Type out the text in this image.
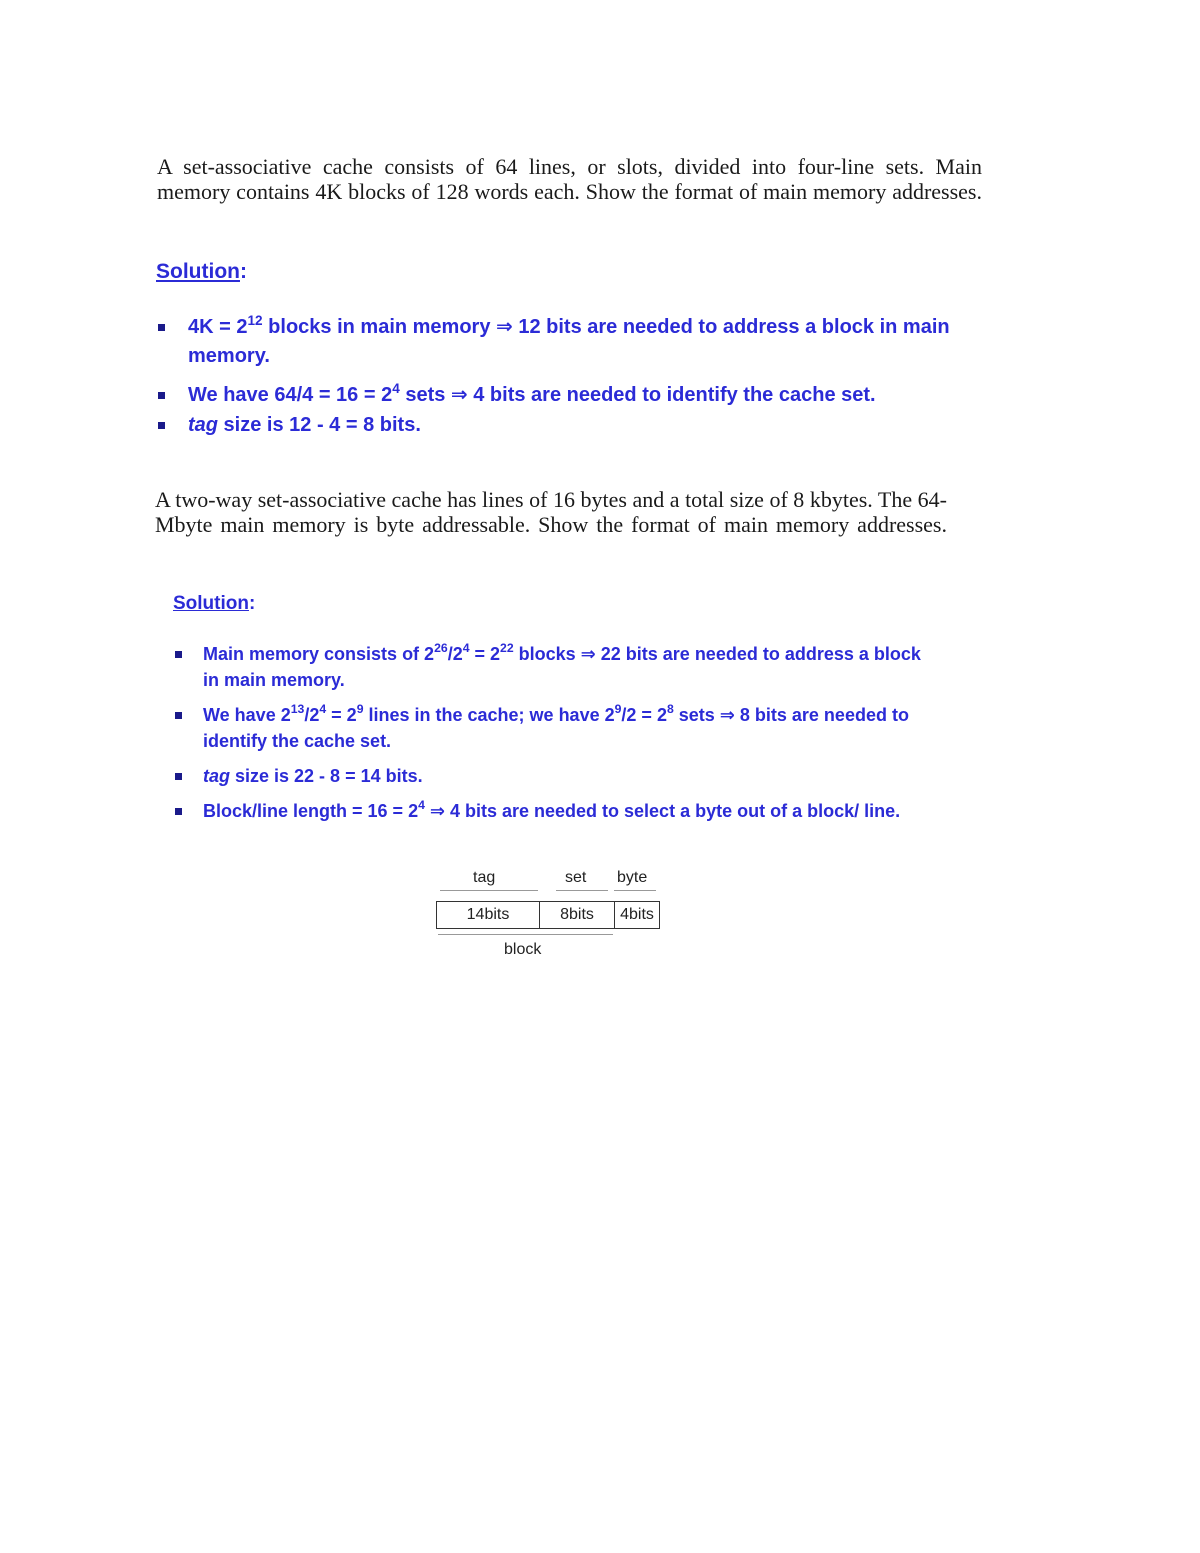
A set-associative cache consists of 64 lines, or slots, divided into four-line sets. Main memory contains 4K blocks of 128 words each. Show the format of main memory addresses.

Solution:

$4K = 2^{12}$ blocks in main memory ⇒ 12 bits are needed to address a block in main memory.
We have $64/4 = 16 = 2^4$ sets ⇒ 4 bits are needed to identify the cache set.
tag size is 12 - 4 = 8 bits.

A two-way set-associative cache has lines of 16 bytes and a total size of 8 kbytes. The 64-Mbyte main memory is byte addressable. Show the format of main memory addresses.

Solution:

Main memory consists of $2^{26}/2^4 = 2^{22}$ blocks ⇒ 22 bits are needed to address a block in main memory.
We have $2^{13}/2^4 = 2^9$ lines in the cache; we have $2^9/2 = 2^8$ sets ⇒ 8 bits are needed to identify the cache set.
tag size is 22 - 8 = 14 bits.
Block/line length = $16 = 2^4$ ⇒ 4 bits are needed to select a byte out of a block/ line.
tag	set byte
14bits	8bits	4bits
block
